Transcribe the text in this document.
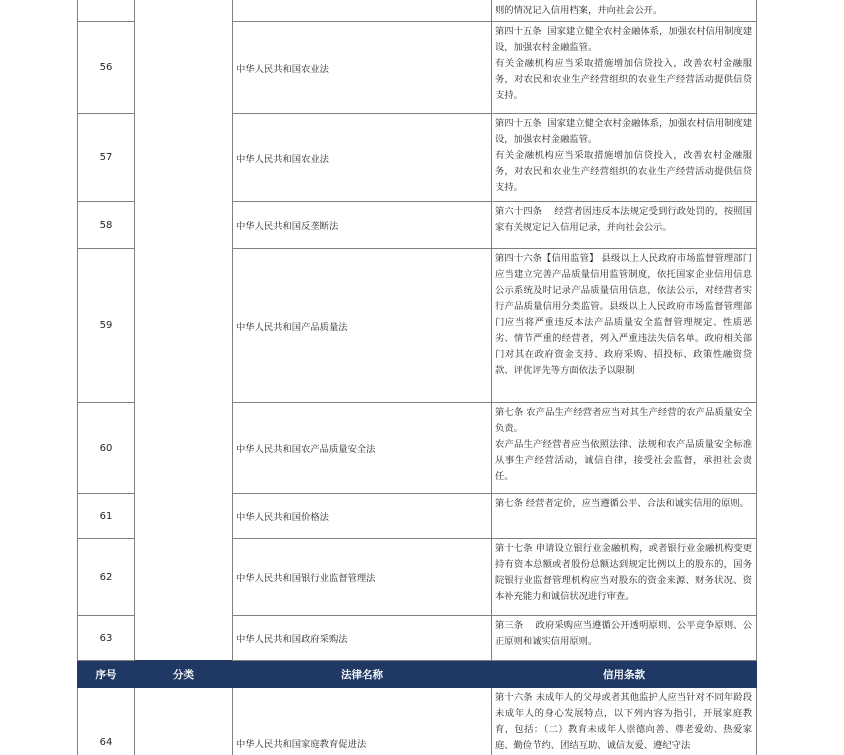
			则的情况记入信用档案，并向社会公开。
56		中华人民共和国农业法	第四十五条  国家建立健全农村金融体系，加强农村信用制度建设，加强农村金融监管。
有关金融机构应当采取措施增加信贷投入，改善农村金融服务，对农民和农业生产经营组织的农业生产经营活动提供信贷支持。
57		中华人民共和国农业法	第四十五条  国家建立健全农村金融体系，加强农村信用制度建设，加强农村金融监管。
有关金融机构应当采取措施增加信贷投入，改善农村金融服务，对农民和农业生产经营组织的农业生产经营活动提供信贷支持。
58		中华人民共和国反垄断法	第六十四条    经营者因违反本法规定受到行政处罚的，按照国家有关规定记入信用记录，并向社会公示。
59		中华人民共和国产品质量法	第四十六条【信用监管】 县级以上人民政府市场监督管理部门应当建立完善产品质量信用监管制度，依托国家企业信用信息公示系统及时记录产品质量信用信息，依法公示，对经营者实行产品质量信用分类监管。县级以上人民政府市场监督管理部门应当将严重违反本法产品质量安全监督管理规定、性质恶劣、情节严重的经营者，列入严重违法失信名单。政府相关部门对其在政府资金支持、政府采购、招投标、政策性融资贷款、评优评先等方面依法予以限制
60		中华人民共和国农产品质量安全法	第七条 农产品生产经营者应当对其生产经营的农产品质量安全负责。
农产品生产经营者应当依照法律、法规和农产品质量安全标准从事生产经营活动，诚信自律，接受社会监督，承担社会责任。
61		中华人民共和国价格法	第七条 经营者定价，应当遵循公平、合法和诚实信用的原则。
62		中华人民共和国银行业监督管理法	第十七条 申请设立银行业金融机构，或者银行业金融机构变更持有资本总额或者股份总额达到规定比例以上的股东的，国务院银行业监督管理机构应当对股东的资金来源、财务状况、资本补充能力和诚信状况进行审查。
63		中华人民共和国政府采购法	第三条    政府采购应当遵循公开透明原则、公平竞争原则、公正原则和诚实信用原则。
序号	分类	法律名称	信用条款
64		中华人民共和国家庭教育促进法	第十六条 未成年人的父母或者其他监护人应当针对不同年龄段未成年人的身心发展特点，以下列内容为指引，开展家庭教育，包括：（二）教育未成年人崇德向善、尊老爱幼、热爱家庭、勤俭节约、团结互助、诚信友爱、遵纪守法
